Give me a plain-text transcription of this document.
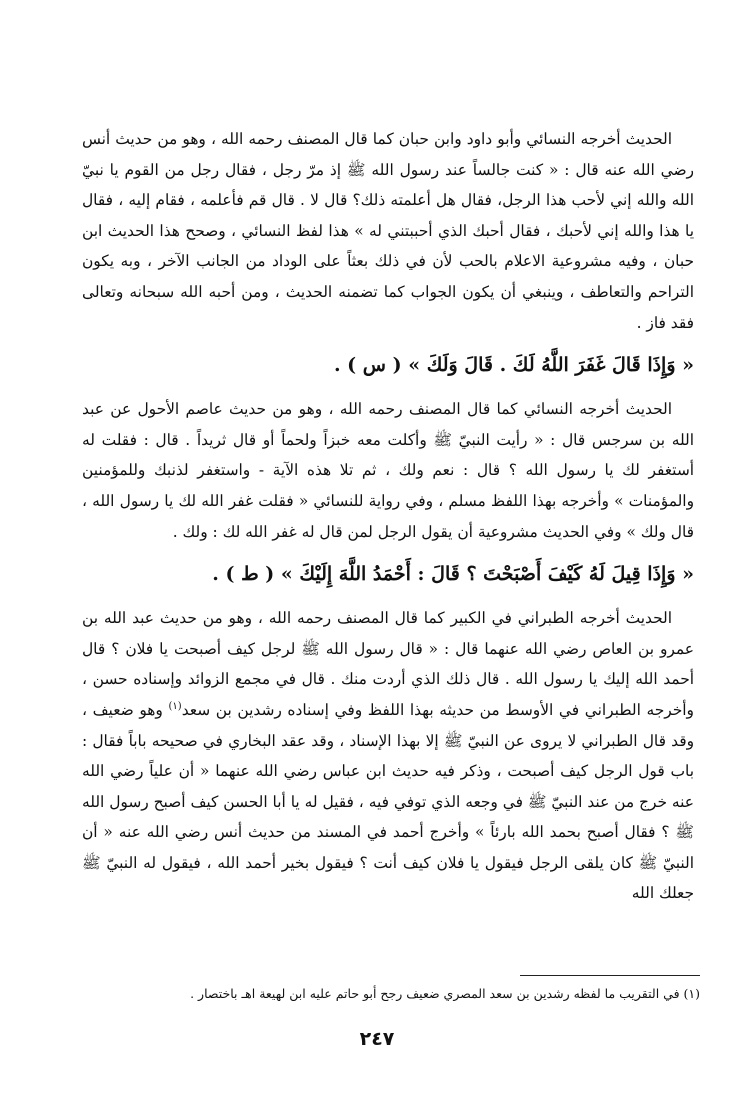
الحديث أخرجه النسائي وأبو داود وابن حبان كما قال المصنف رحمه الله ، وهو من حديث أنس رضي الله عنه قال : « كنت جالساً عند رسول الله ﷺ إذ مرّ رجل ، فقال رجل من القوم يا نبيّ الله والله إني لأحب هذا الرجل، فقال هل أعلمته ذلك؟ قال لا . قال قم فأعلمه ، فقام إليه ، فقال يا هذا والله إني لأحبك ، فقال أحبك الذي أحببتني له » هذا لفظ النسائي ، وصحح هذا الحديث ابن حبان ، وفيه مشروعية الاعلام بالحب لأن في ذلك بعثاً على الوداد من الجانب الآخر ، وبه يكون التراحم والتعاطف ، وينبغي أن يكون الجواب كما تضمنه الحديث ، ومن أحبه الله سبحانه وتعالى فقد فاز .

« وَإِذَا قَالَ غَفَرَ اللَّهُ لَكَ . قَالَ وَلَكَ » ( س ) .

الحديث أخرجه النسائي كما قال المصنف رحمه الله ، وهو من حديث عاصم الأحول عن عبد الله بن سرجس قال : « رأيت النبيّ ﷺ وأكلت معه خبزاً ولحماً أو قال ثريداً . قال : فقلت له أستغفر لك يا رسول الله ؟ قال : نعم ولك ، ثم تلا هذه الآية - واستغفر لذنبك وللمؤمنين والمؤمنات » وأخرجه بهذا اللفظ مسلم ، وفي رواية للنسائي « فقلت غفر الله لك يا رسول الله ، قال ولك » وفي الحديث مشروعية أن يقول الرجل لمن قال له غفر الله لك : ولك .

« وَإِذَا قِيلَ لَهُ كَيْفَ أَصْبَحْتَ ؟ قَالَ : أَحْمَدُ اللَّهَ إِلَيْكَ » ( ط ) .

الحديث أخرجه الطبراني في الكبير كما قال المصنف رحمه الله ، وهو من حديث عبد الله بن عمرو بن العاص رضي الله عنهما قال : « قال رسول الله ﷺ لرجل كيف أصبحت يا فلان ؟ قال أحمد الله إليك يا رسول الله . قال ذلك الذي أردت منك . قال في مجمع الزوائد وإسناده حسن ، وأخرجه الطبراني في الأوسط من حديثه بهذا اللفظ وفي إسناده رشدين بن سعد$^{(١)}$ وهو ضعيف ، وقد قال الطبراني لا يروى عن النبيّ ﷺ إلا بهذا الإسناد ، وقد عقد البخاري في صحيحه باباً فقال : باب قول الرجل كيف أصبحت ، وذكر فيه حديث ابن عباس رضي الله عنهما « أن علياً رضي الله عنه خرج من عند النبيّ ﷺ في وجعه الذي توفي فيه ، فقيل له يا أبا الحسن كيف أصبح رسول الله ﷺ ؟ فقال أصبح بحمد الله بارئاً » وأخرج أحمد في المسند من حديث أنس رضي الله عنه « أن النبيّ ﷺ كان يلقى الرجل فيقول يا فلان كيف أنت ؟ فيقول بخير أحمد الله ، فيقول له النبيّ ﷺ جعلك الله

(١) في التقريب ما لفظه رشدين بن سعد المصري ضعيف رجح أبو حاتم عليه ابن لهيعة اهـ باختصار .
٢٤٧
